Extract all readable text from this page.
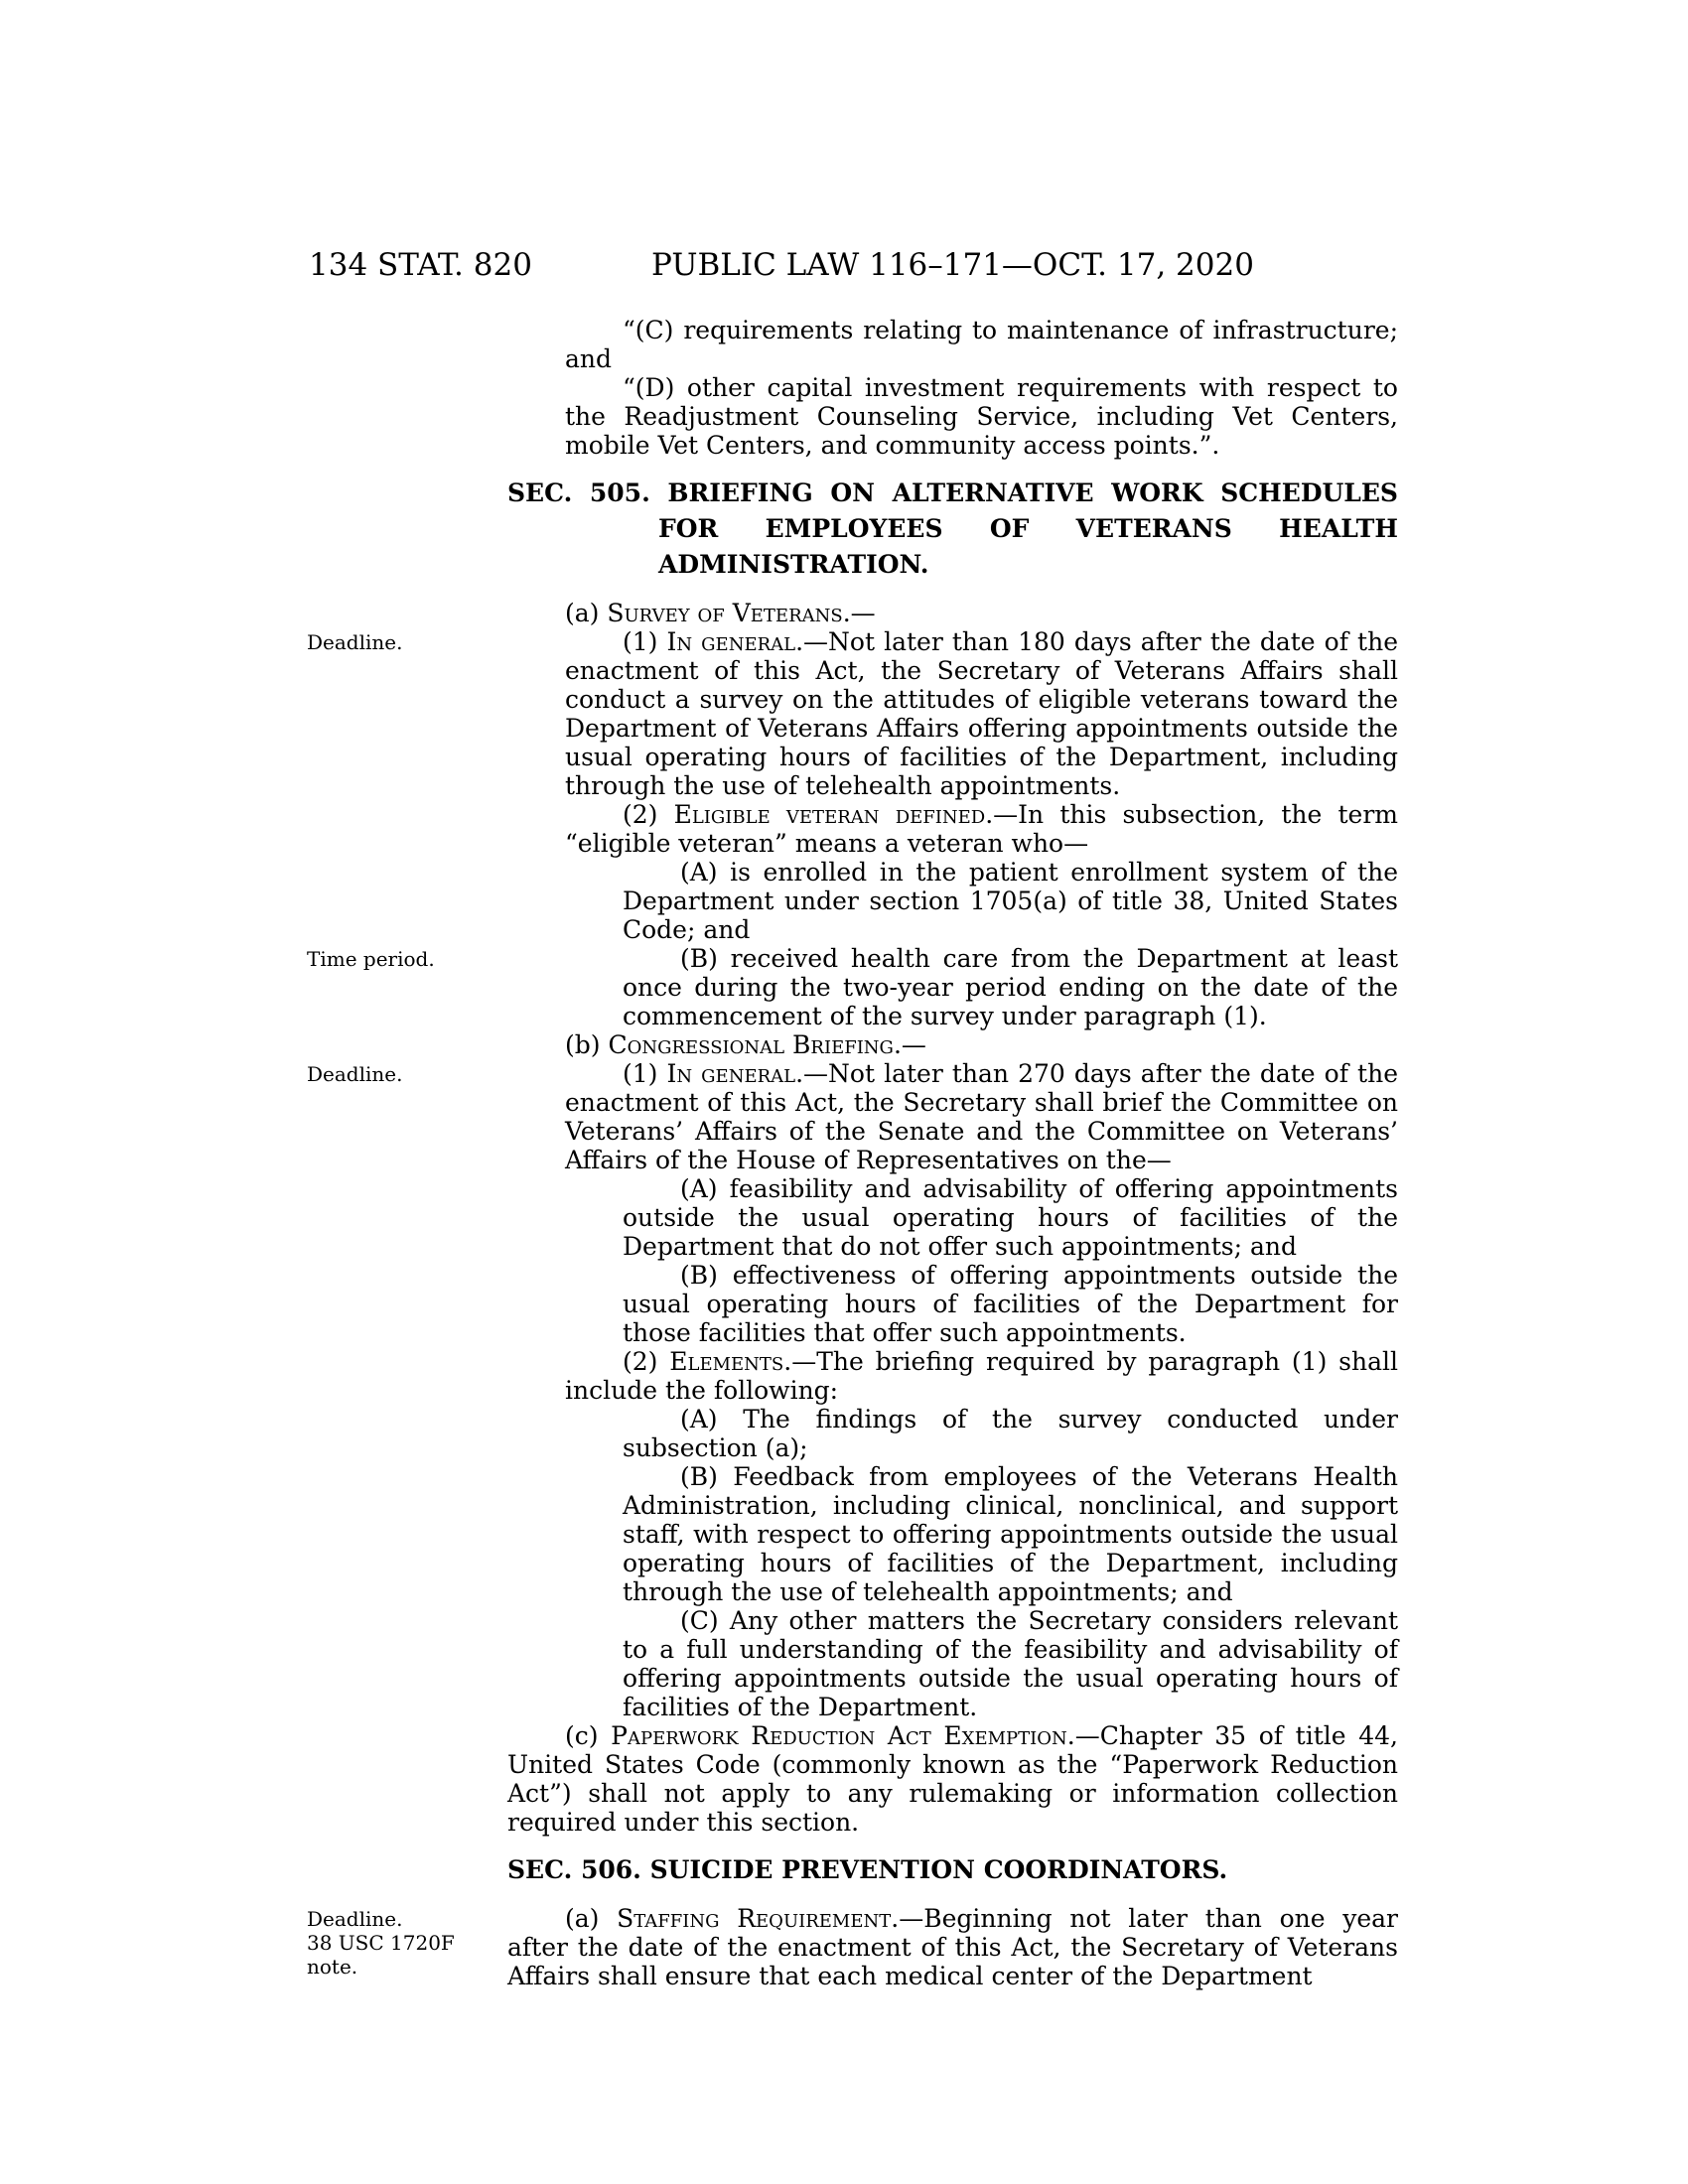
134 STAT. 820	PUBLIC LAW 116–171—OCT. 17, 2020
Deadline.
Time period.
Deadline.
Deadline.
38 USC 1720F
note.

“(C) requirements relating to maintenance of infrastructure; and

“(D) other capital investment requirements with respect to the Readjustment Counseling Service, including Vet Centers, mobile Vet Centers, and community access points.”.

SEC. 505. BRIEFING ON ALTERNATIVE WORK SCHEDULES FOR EMPLOYEES OF VETERANS HEALTH ADMINISTRATION.

(a) Survey of Veterans.—

(1) In general.—Not later than 180 days after the date of the enactment of this Act, the Secretary of Veterans Affairs shall conduct a survey on the attitudes of eligible veterans toward the Department of Veterans Affairs offering appointments outside the usual operating hours of facilities of the Department, including through the use of telehealth appointments.

(2) Eligible veteran defined.—In this subsection, the term “eligible veteran” means a veteran who—

(A) is enrolled in the patient enrollment system of the Department under section 1705(a) of title 38, United States Code; and

(B) received health care from the Department at least once during the two-year period ending on the date of the commencement of the survey under paragraph (1).

(b) Congressional Briefing.—

(1) In general.—Not later than 270 days after the date of the enactment of this Act, the Secretary shall brief the Committee on Veterans’ Affairs of the Senate and the Committee on Veterans’ Affairs of the House of Representatives on the—

(A) feasibility and advisability of offering appointments outside the usual operating hours of facilities of the Department that do not offer such appointments; and

(B) effectiveness of offering appointments outside the usual operating hours of facilities of the Department for those facilities that offer such appointments.

(2) Elements.—The briefing required by paragraph (1) shall include the following:

(A) The findings of the survey conducted under subsection (a);

(B) Feedback from employees of the Veterans Health Administration, including clinical, nonclinical, and support staff, with respect to offering appointments outside the usual operating hours of facilities of the Department, including through the use of telehealth appointments; and

(C) Any other matters the Secretary considers relevant to a full understanding of the feasibility and advisability of offering appointments outside the usual operating hours of facilities of the Department.

(c) Paperwork Reduction Act Exemption.—Chapter 35 of title 44, United States Code (commonly known as the “Paperwork Reduction Act”) shall not apply to any rulemaking or information collection required under this section.

SEC. 506. SUICIDE PREVENTION COORDINATORS.

(a) Staffing Requirement.—Beginning not later than one year after the date of the enactment of this Act, the Secretary of Veterans Affairs shall ensure that each medical center of the Department
